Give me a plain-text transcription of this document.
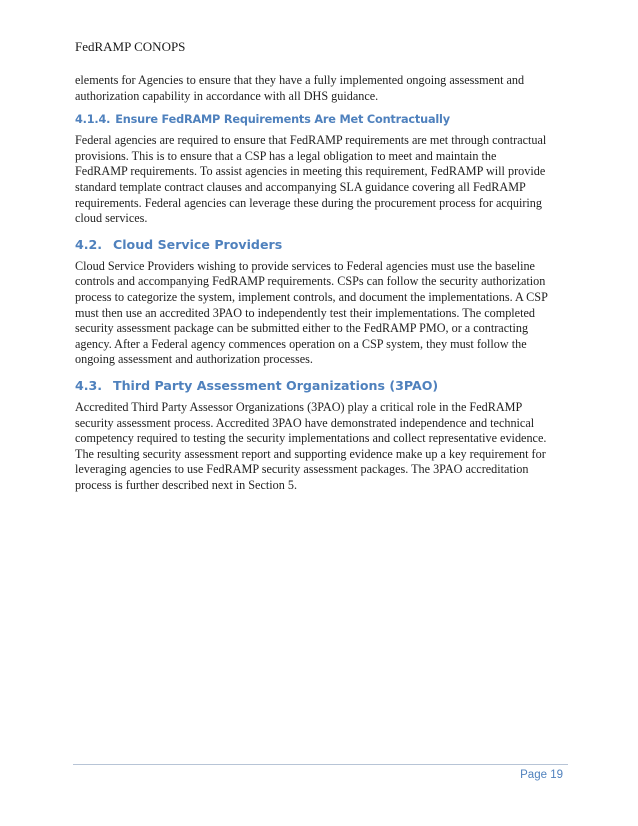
FedRAMP CONOPS

elements for Agencies to ensure that they have a fully implemented ongoing assessment and
authorization capability in accordance with all DHS guidance.

4.1.4. Ensure FedRAMP Requirements Are Met Contractually

Federal agencies are required to ensure that FedRAMP requirements are met through contractual
provisions. This is to ensure that a CSP has a legal obligation to meet and maintain the
FedRAMP requirements. To assist agencies in meeting this requirement, FedRAMP will provide
standard template contract clauses and accompanying SLA guidance covering all FedRAMP
requirements. Federal agencies can leverage these during the procurement process for acquiring
cloud services.

4.2. Cloud Service Providers

Cloud Service Providers wishing to provide services to Federal agencies must use the baseline
controls and accompanying FedRAMP requirements. CSPs can follow the security authorization
process to categorize the system, implement controls, and document the implementations. A CSP
must then use an accredited 3PAO to independently test their implementations. The completed
security assessment package can be submitted either to the FedRAMP PMO, or a contracting
agency. After a Federal agency commences operation on a CSP system, they must follow the
ongoing assessment and authorization processes.

4.3. Third Party Assessment Organizations (3PAO)

Accredited Third Party Assessor Organizations (3PAO) play a critical role in the FedRAMP
security assessment process. Accredited 3PAO have demonstrated independence and technical
competency required to testing the security implementations and collect representative evidence.
The resulting security assessment report and supporting evidence make up a key requirement for
leveraging agencies to use FedRAMP security assessment packages. The 3PAO accreditation
process is further described next in Section 5.

Page 19
